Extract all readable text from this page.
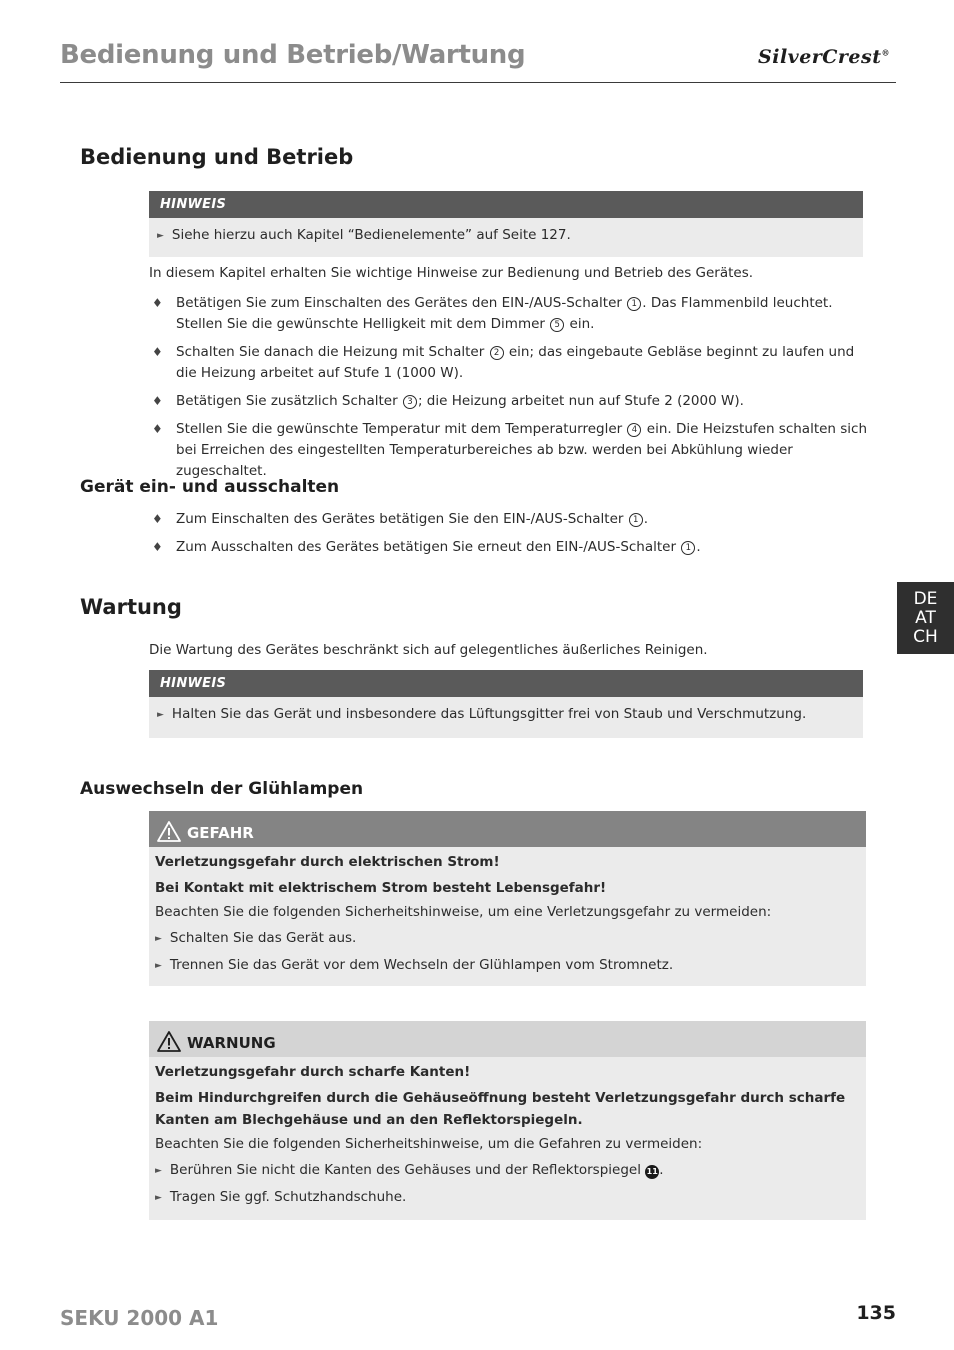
Bedienung und Betrieb/Wartung	SilverCrest®
Bedienung und Betrieb
HINWEIS
► Siehe hierzu auch Kapitel “Bedienelemente” auf Seite 127.

In diesem Kapitel erhalten Sie wichtige Hinweise zur Bedienung und Betrieb des Gerätes.

♦ Betätigen Sie zum Einschalten des Gerätes den EIN-/AUS-Schalter 1 . Das Flammenbild leuchtet. Stellen Sie die gewünschte Helligkeit mit dem Dimmer 5 ein.
♦ Schalten Sie danach die Heizung mit Schalter 2 ein; das eingebaute Gebläse beginnt zu laufen und die Heizung arbeitet auf Stufe 1 (1000 W).
♦ Betätigen Sie zusätzlich Schalter 3 ; die Heizung arbeitet nun auf Stufe 2 (2000 W).
♦ Stellen Sie die gewünschte Temperatur mit dem Temperaturregler 4 ein. Die Heizstufen schalten sich bei Erreichen des eingestellten Temperaturbereiches ab bzw. werden bei Abkühlung wieder zugeschaltet.
Gerät ein- und ausschalten
♦ Zum Einschalten des Gerätes betätigen Sie den EIN-/AUS-Schalter 1 .
♦ Zum Ausschalten des Gerätes betätigen Sie erneut den EIN-/AUS-Schalter 1 .
Wartung

Die Wartung des Gerätes beschränkt sich auf gelegentliches äußerliches Reinigen.

HINWEIS
► Halten Sie das Gerät und insbesondere das Lüftungsgitter frei von Staub und Verschmutzung.
Auswechseln der Glühlampen
GEFAHR
Verletzungsgefahr durch elektrischen Strom!
Bei Kontakt mit elektrischem Strom besteht Lebensgefahr!
Beachten Sie die folgenden Sicherheitshinweise, um eine Verletzungsgefahr zu vermeiden:
► Schalten Sie das Gerät aus.
► Trennen Sie das Gerät vor dem Wechseln der Glühlampen vom Stromnetz.
WARNUNG
Verletzungsgefahr durch scharfe Kanten!
Beim Hindurchgreifen durch die Gehäuseöffnung besteht Verletzungsgefahr durch scharfe Kanten am Blechgehäuse und an den Reflektorspiegeln.
Beachten Sie die folgenden Sicherheitshinweise, um die Gefahren zu vermeiden:
► Berühren Sie nicht die Kanten des Gehäuses und der Reflektorspiegel 11.
► Tragen Sie ggf. Schutzhandschuhe.
DE
AT
CH
SEKU 2000 A1	135
